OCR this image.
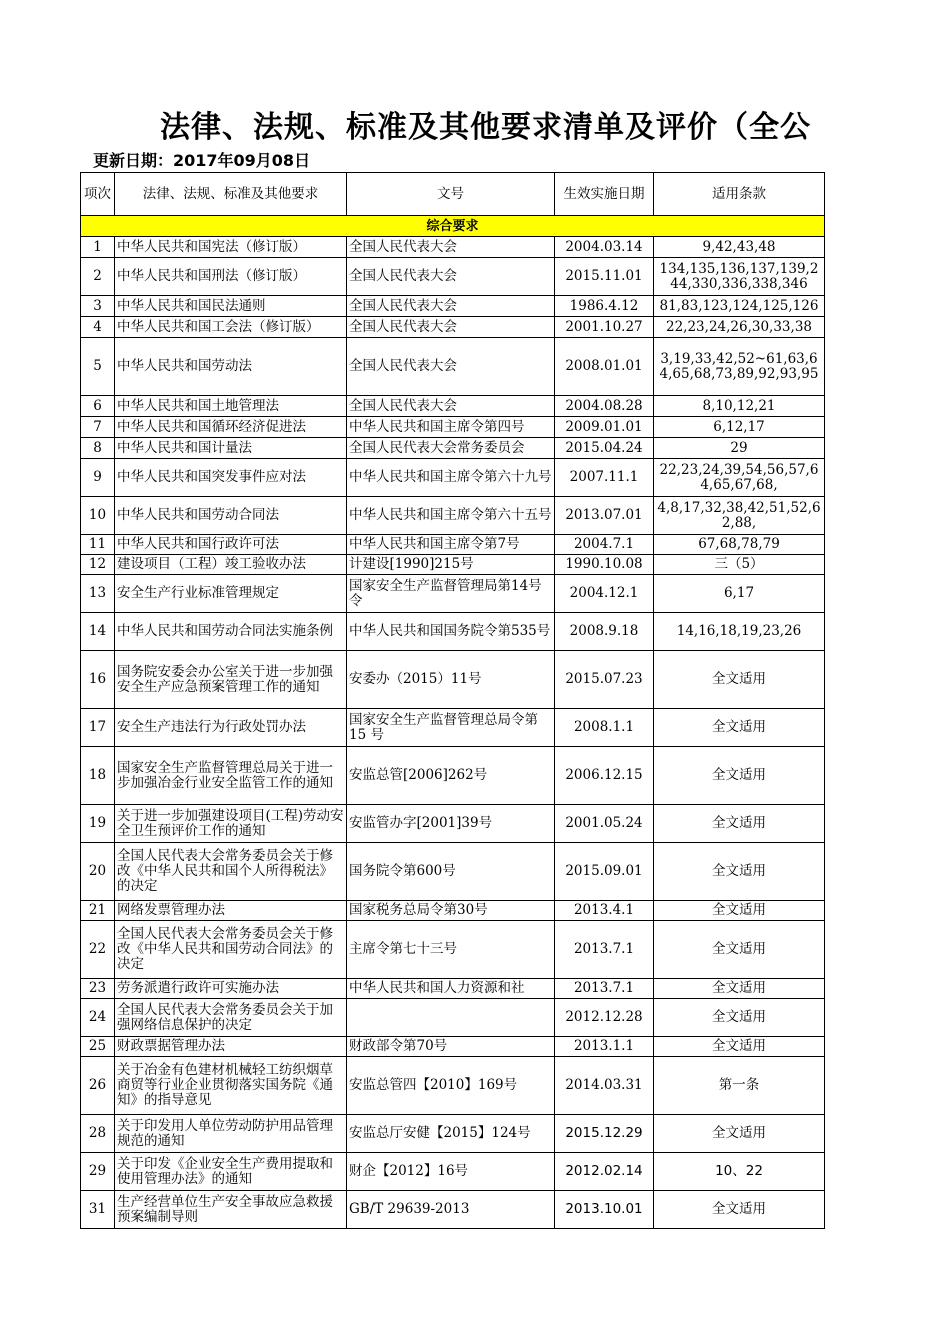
法律、法规、标准及其他要求清单及评价（全公
更新日期：2017年09月08日
项次	法律、法规、标准及其他要求	文号	生效实施日期	适用条款
综合要求				
1	中华人民共和国宪法（修订版）	全国人民代表大会	2004.03.14	9,42,43,48
2	中华人民共和国刑法（修订版）	全国人民代表大会	2015.11.01	134,135,136,137,139,244,330,336,338,346
3	中华人民共和国民法通则	全国人民代表大会	1986.4.12	81,83,123,124,125,126
4	中华人民共和国工会法（修订版）	全国人民代表大会	2001.10.27	22,23,24,26,30,33,38
5	中华人民共和国劳动法	全国人民代表大会	2008.01.01	3,19,33,42,52~61,63,64,65,68,73,89,92,93,95
6	中华人民共和国土地管理法	全国人民代表大会	2004.08.28	8,10,12,21
7	中华人民共和国循环经济促进法	中华人民共和国主席令第四号	2009.01.01	6,12,17
8	中华人民共和国计量法	全国人民代表大会常务委员会	2015.04.24	29
9	中华人民共和国突发事件应对法	中华人民共和国主席令第六十九号	2007.11.1	22,23,24,39,54,56,57,64,65,67,68,
10	中华人民共和国劳动合同法	中华人民共和国主席令第六十五号	2013.07.01	4,8,17,32,38,42,51,52,62,88,
11	中华人民共和国行政许可法	中华人民共和国主席令第7号	2004.7.1	67,68,78,79
12	建设项目（工程）竣工验收办法	计建设[1990]215号	1990.10.08	三（5）
13	安全生产行业标准管理规定	国家安全生产监督管理局第14号令	2004.12.1	6,17
14	中华人民共和国劳动合同法实施条例	中华人民共和国国务院令第535号	2008.9.18	14,16,18,19,23,26
16	国务院安委会办公室关于进一步加强安全生产应急预案管理工作的通知	安委办（2015）11号	2015.07.23	全文适用
17	安全生产违法行为行政处罚办法	国家安全生产监督管理总局令第 15 号	2008.1.1	全文适用
18	国家安全生产监督管理总局关于进一步加强冶金行业安全监管工作的通知	安监总管[2006]262号	2006.12.15	全文适用
19	关于进一步加强建设项目(工程)劳动安全卫生预评价工作的通知	安监管办字[2001]39号	2001.05.24	全文适用
20	全国人民代表大会常务委员会关于修改《中华人民共和国个人所得税法》的决定	国务院令第600号	2015.09.01	全文适用
21	网络发票管理办法	国家税务总局令第30号	2013.4.1	全文适用
22	全国人民代表大会常务委员会关于修改《中华人民共和国劳动合同法》的决定	主席令第七十三号	2013.7.1	全文适用
23	劳务派遣行政许可实施办法	中华人民共和国人力资源和社	2013.7.1	全文适用
24	全国人民代表大会常务委员会关于加强网络信息保护的决定		2012.12.28	全文适用
25	财政票据管理办法	财政部令第70号	2013.1.1	全文适用
26	关于冶金有色建材机械轻工纺织烟草商贸等行业企业贯彻落实国务院《通知》的指导意见	安监总管四【2010】169号	2014.03.31	第一条
28	关于印发用人单位劳动防护用品管理规范的通知	安监总厅安健【2015】124号	2015.12.29	全文适用
29	关于印发《企业安全生产费用提取和使用管理办法》的通知	财企【2012】16号	2012.02.14	10、22
31	生产经营单位生产安全事故应急救援预案编制导则	GB/T 29639-2013	2013.10.01	全文适用
